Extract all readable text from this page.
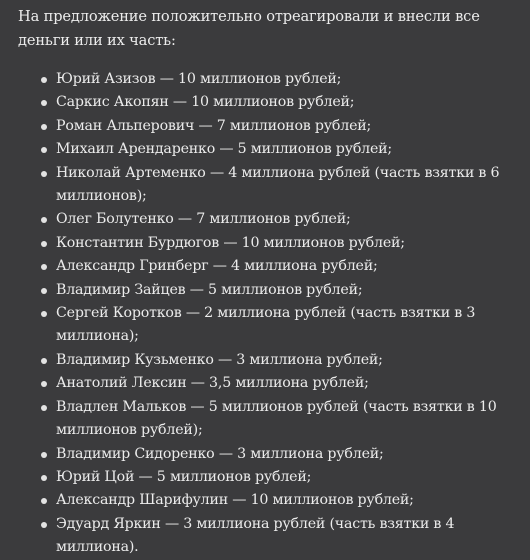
На предложение положительно отреагировали и внесли все деньги или их часть:

Юрий Азизов — 10 миллионов рублей;
Саркис Акопян — 10 миллионов рублей;
Роман Альперович — 7 миллионов рублей;
Михаил Арендаренко — 5 миллионов рублей;
Николай Артеменко — 4 миллиона рублей (часть взятки в 6 миллионов);
Олег Болутенко — 7 миллионов рублей;
Константин Бурдюгов — 10 миллионов рублей;
Александр Гринберг — 4 миллиона рублей;
Владимир Зайцев — 5 миллионов рублей;
Сергей Коротков — 2 миллиона рублей (часть взятки в 3 миллиона);
Владимир Кузьменко — 3 миллиона рублей;
Анатолий Лексин — 3,5 миллиона рублей;
Владлен Мальков — 5 миллионов рублей (часть взятки в 10 миллионов рублей);
Владимир Сидоренко — 3 миллиона рублей;
Юрий Цой — 5 миллионов рублей;
Александр Шарифулин — 10 миллионов рублей;
Эдуард Яркин — 3 миллиона рублей (часть взятки в 4 миллиона).
